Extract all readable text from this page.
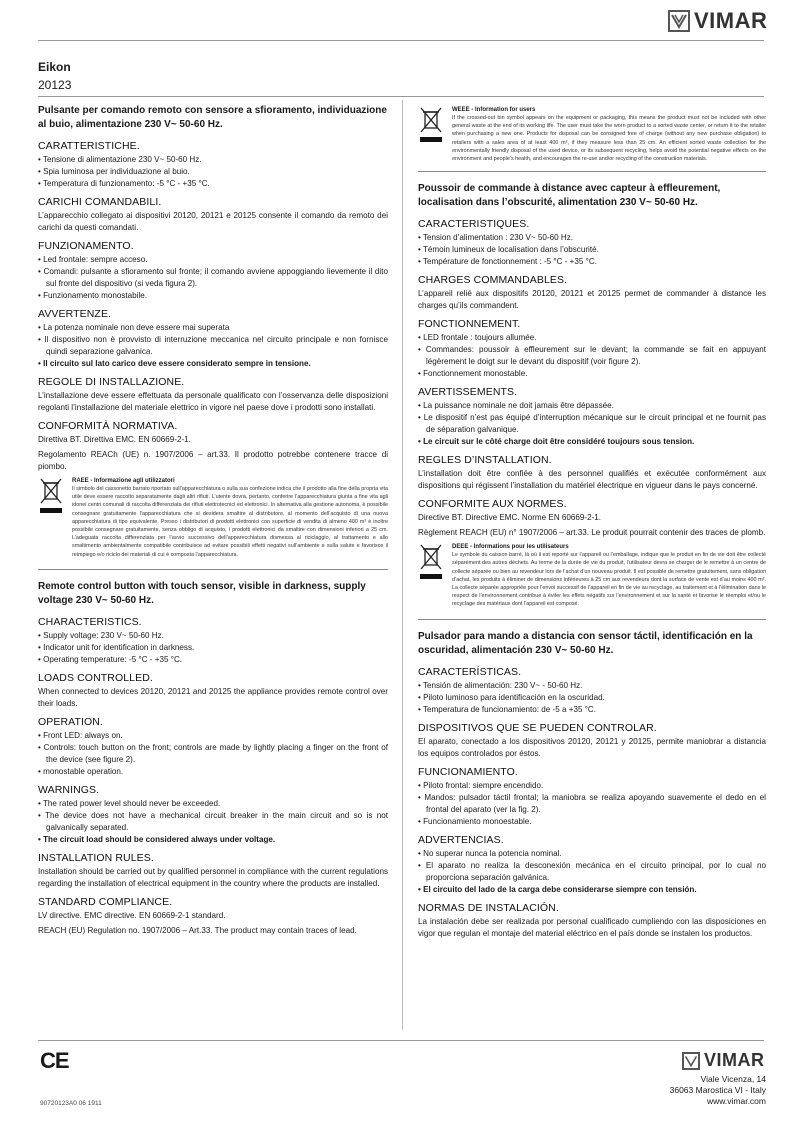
VIMAR
Eikon
20123
Pulsante per comando remoto con sensore a sfioramento, individuazione al buio, alimentazione 230 V~ 50-60 Hz.
CARATTERISTICHE.
• Tensione di alimentazione 230 V~ 50-60 Hz.
• Spia luminosa per individuazione al buio.
• Temperatura di funzionamento: -5 °C - +35 °C.
CARICHI COMANDABILI.
L’apparecchio collegato ai dispositivi 20120, 20121 e 20125 consente il comando da remoto dei carichi da questi comandati.
FUNZIONAMENTO.
• Led frontale: sempre acceso.
• Comandi: pulsante a sfioramento sul fronte; il comando avviene appoggiando lievemente il dito sul fronte del dispositivo (si veda figura 2).
• Funzionamento monostabile.
AVVERTENZE.
• La potenza nominale non deve essere mai superata
• Il dispositivo non è provvisto di interruzione meccanica nel circuito principale e non fornisce quindi separazione galvanica.
• Il circuito sul lato carico deve essere considerato sempre in tensione.
REGOLE DI INSTALLAZIONE.
L’installazione deve essere effettuata da personale qualificato con l’osservanza delle disposizioni regolanti l’installazione del materiale elettrico in vigore nel paese dove i prodotti sono installati.
CONFORMITÀ NORMATIVA.
Direttiva BT. Direttiva EMC. EN 60669-2-1.
Regolamento REACh (UE) n. 1907/2006 – art.33. Il prodotto potrebbe contenere tracce di piombo.
RAEE - Informazione agli utilizzatori
Il simbolo del cassonetto barrato riportato sull’apparecchiatura o sulla sua confezione indica che il prodotto alla fine della propria vita utile deve essere raccolto separatamente dagli altri rifiuti. L’utente dovrà, pertanto, conferire l’apparecchiatura giunta a fine vita agli idonei centri comunali di raccolta differenziata dei rifiuti elettrotecnici ed elettronici. In alternativa alla gestione autonoma, è possibile consegnare gratuitamente l’apparecchiatura che si desidera smaltire al distributore, al momento dell’acquisto di una nuova apparecchiatura di tipo equivalente. Presso i distributori di prodotti elettronici con superficie di vendita di almeno 400 m² è inoltre possibile consegnare gratuitamente, senza obbligo di acquisto, i prodotti elettronici da smaltire con dimensioni inferiori a 25 cm. L’adeguata raccolta differenziata per l’avvio successivo dell’apparecchiatura dismessa al riciclaggio, al trattamento e allo smaltimento ambientalmente compatibile contribuisce ad evitare possibili effetti negativi sull’ambiente e sulla salute e favorisce il reimpiego e/o riciclo dei materiali di cui è composta l’apparecchiatura.
Remote control button with touch sensor, visible in darkness, supply voltage 230 V~ 50-60 Hz.
CHARACTERISTICS.
• Supply voltage: 230 V~ 50-60 Hz.
• Indicator unit for identification in darkness.
• Operating temperature: -5 °C - +35 °C.
LOADS CONTROLLED.
When connected to devices 20120, 20121 and 20125 the appliance provides remote control over their loads.
OPERATION.
• Front LED: always on.
• Controls: touch button on the front; controls are made by lightly placing a finger on the front of the device (see figure 2).
• monostable operation.
WARNINGS.
• The rated power level should never be exceeded.
• The device does not have a mechanical circuit breaker in the main circuit and so is not galvanically separated.
• The circuit load should be considered always under voltage.
INSTALLATION RULES.
Installation should be carried out by qualified personnel in compliance with the current regulations regarding the installation of electrical equipment in the country where the products are installed.
STANDARD COMPLIANCE.
LV directive. EMC directive. EN 60669-2-1 standard.
REACH (EU) Regulation no. 1907/2006 – Art.33. The product may contain traces of lead.
WEEE - Information for users
If the crossed-out bin symbol appears on the equipment or packaging, this means the product must not be included with other general waste at the end of its working life. The user must take the worn product to a sorted waste center, or return it to the retailer when purchasing a new one. Products for disposal can be consigned free of charge (without any new purchase obligation) to retailers with a sales area of at least 400 m², if they measure less than 25 cm. An efficient sorted waste collection for the environmentally friendly disposal of the used device, or its subsequent recycling, helps avoid the potential negative effects on the environment and people’s health, and encourages the re-use and/or recycling of the construction materials.
Poussoir de commande à distance avec capteur à effleurement, localisation dans l’obscurité, alimentation 230 V~ 50-60 Hz.
CARACTERISTIQUES.
• Tension d’alimentation : 230 V~ 50-60 Hz.
• Témoin lumineux de localisation dans l’obscurité.
• Température de fonctionnement : -5 °C - +35 °C.
CHARGES COMMANDABLES.
L’appareil relié aux dispositifs 20120, 20121 et 20125 permet de commander à distance les charges qu’ils commandent.
FONCTIONNEMENT.
• LED frontale : toujours allumée.
• Commandes: poussoir à effleurement sur le devant; la commande se fait en appuyant légèrement le doigt sur le devant du dispositif (voir figure 2).
• Fonctionnement monostable.
AVERTISSEMENTS.
• La puissance nominale ne doit jamais être dépassée.
• Le dispositif n’est pas équipé d’interruption mécanique sur le circuit principal et ne fournit pas de séparation galvanique.
• Le circuit sur le côté charge doit être considéré toujours sous tension.
REGLES D’INSTALLATION.
L’installation doit être confiée à des personnel qualifiés et exécutée conformément aux dispositions qui régissent l’installation du matériel électrique en vigueur dans le pays concerné.
CONFORMITE AUX NORMES.
Directive BT. Directive EMC. Norme EN 60669-2-1.
Règlement REACH (EU) n° 1907/2006 – art.33. Le produit pourrait contenir des traces de plomb.
DEEE - Informations pour les utilisateurs
Le symbole du caisson barré, là où il est reporté sur l’appareil ou l’emballage, indique que le produit en fin de vie doit être collecté séparément des autres déchets. Au terme de la durée de vie du produit, l’utilisateur devra se charger de le remettre à un centre de collecte séparée ou bien au revendeur lors de l’achat d’un nouveau produit. Il est possible de remettre gratuitement, sans obligation d’achat, les produits à éliminer de dimensions inférieures à 25 cm aux revendeurs dont la surface de vente est d’au moins 400 m². La collecte séparée appropriée pour l’envoi successif de l’appareil en fin de vie au recyclage, au traitement et à l’élimination dans le respect de l’environnement contribue à éviter les effets négatifs sur l’environnement et sur la santé et favorise le réemploi et/ou le recyclage des matériaux dont l’appareil est composé.
Pulsador para mando a distancia con sensor táctil, identificación en la oscuridad, alimentación 230 V~ 50-60 Hz.
CARACTERÍSTICAS.
• Tensión de alimentación: 230 V~ - 50-60 Hz.
• Piloto luminoso para identificación en la oscuridad.
• Temperatura de funcionamiento: de -5 a +35 °C.
DISPOSITIVOS QUE SE PUEDEN CONTROLAR.
El aparato, conectado a los dispositivos 20120, 20121 y 20125, permite maniobrar a distancia los equipos controlados por éstos.
FUNCIONAMIENTO.
• Piloto frontal: siempre encendido.
• Mandos: pulsador táctil frontal; la maniobra se realiza apoyando suavemente el dedo en el frontal del aparato (ver la fig. 2).
• Funcionamiento monoestable.
ADVERTENCIAS.
• No superar nunca la potencia nominal.
• El aparato no realiza la desconexión mecánica en el circuito principal, por lo cual no proporciona separación galvánica.
• El circuito del lado de la carga debe considerarse siempre con tensión.
NORMAS DE INSTALACIÓN.
La instalación debe ser realizada por personal cualificado cumpliendo con las disposiciones en vigor que regulan el montaje del material eléctrico en el país donde se instalen los productos.
CE	VIMAR
Viale Vicenza, 14
36063 Marostica VI - Italy
www.vimar.com
90720123A0 06 1911
